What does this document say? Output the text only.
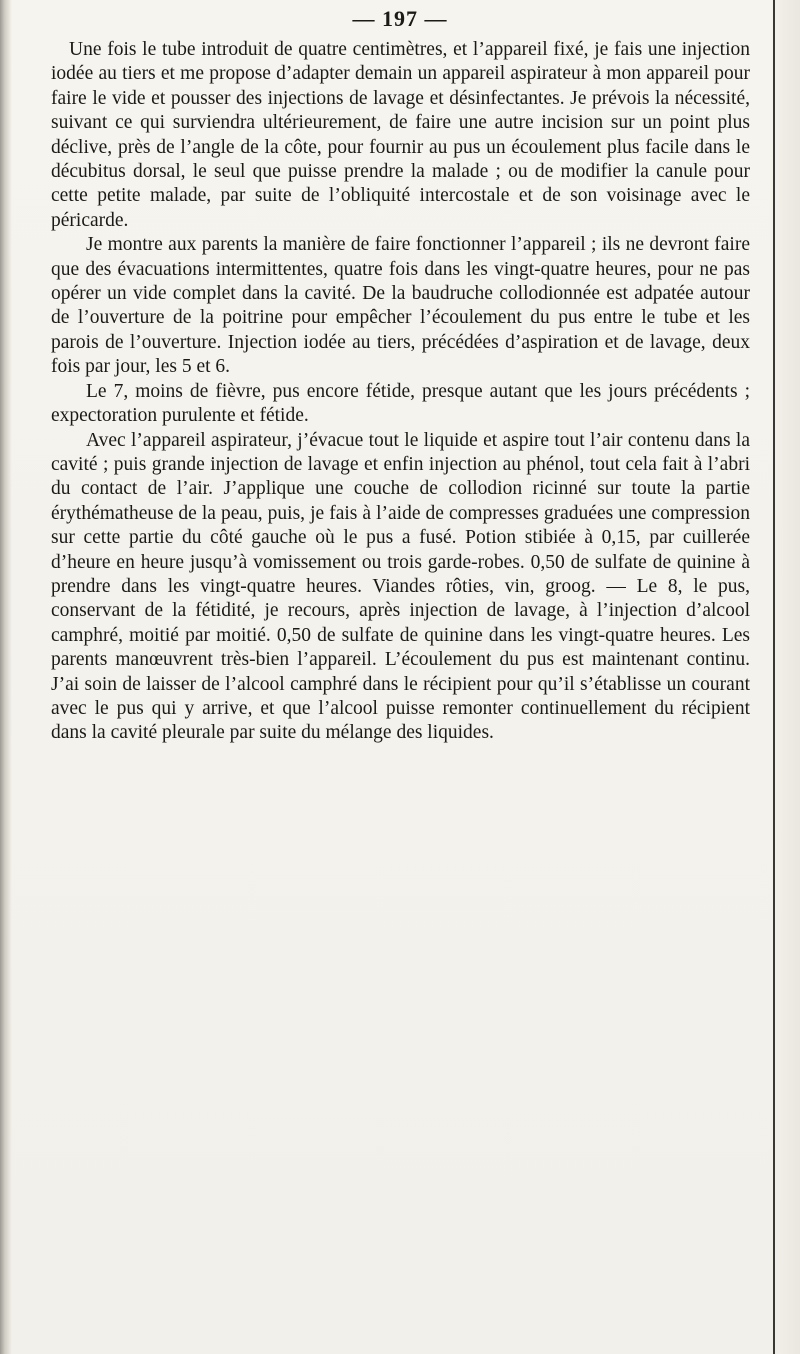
— 197 —

Une fois le tube introduit de quatre centimètres, et l’appareil fixé, je fais une injection iodée au tiers et me propose d’adapter demain un appareil aspirateur à mon appareil pour faire le vide et pousser des injections de lavage et désinfectantes. Je prévois la nécessité, suivant ce qui surviendra ultérieurement, de faire une autre incision sur un point plus déclive, près de l’angle de la côte, pour fournir au pus un écoulement plus facile dans le décubitus dorsal, le seul que puisse prendre la malade ; ou de modifier la canule pour cette petite malade, par suite de l’obliquité intercostale et de son voisinage avec le péricarde.

Je montre aux parents la manière de faire fonctionner l’appareil ; ils ne devront faire que des évacuations intermittentes, quatre fois dans les vingt-quatre heures, pour ne pas opérer un vide complet dans la cavité. De la baudruche collodionnée est adpatée autour de l’ouverture de la poitrine pour empêcher l’écoulement du pus entre le tube et les parois de l’ouverture. Injection iodée au tiers, précédées d’aspiration et de lavage, deux fois par jour, les 5 et 6.

Le 7, moins de fièvre, pus encore fétide, presque autant que les jours précédents ; expectoration purulente et fétide.

Avec l’appareil aspirateur, j’évacue tout le liquide et aspire tout l’air contenu dans la cavité ; puis grande injection de lavage et enfin injection au phénol, tout cela fait à l’abri du contact de l’air. J’applique une couche de collodion ricinné sur toute la partie érythématheuse de la peau, puis, je fais à l’aide de compresses graduées une compression sur cette partie du côté gauche où le pus a fusé. Potion stibiée à 0,15, par cuillerée d’heure en heure jusqu’à vomissement ou trois garde-robes. 0,50 de sulfate de quinine à prendre dans les vingt-quatre heures. Viandes rôties, vin, groog. — Le 8, le pus, conservant de la fétidité, je recours, après injection de lavage, à l’injection d’alcool camphré, moitié par moitié. 0,50 de sulfate de quinine dans les vingt-quatre heures. Les parents manœuvrent très-bien l’appareil. L’écoulement du pus est maintenant continu. J’ai soin de laisser de l’alcool camphré dans le récipient pour qu’il s’établisse un courant avec le pus qui y arrive, et que l’alcool puisse remonter continuellement du récipient dans la cavité pleurale par suite du mélange des liquides.
